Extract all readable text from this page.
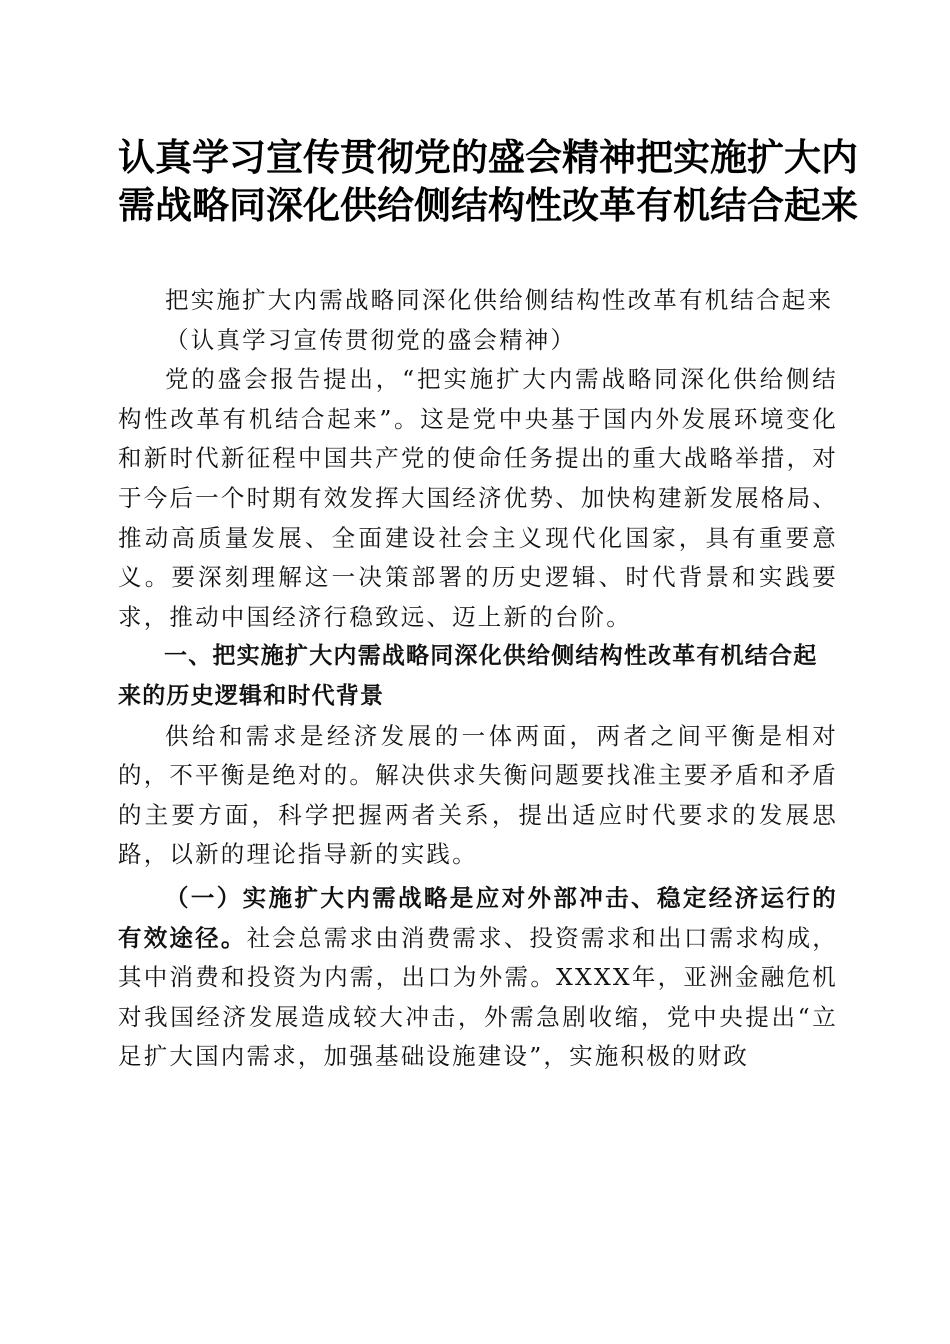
认真学习宣传贯彻党的盛会精神把实施扩大内
需战略同深化供给侧结构性改革有机结合起来

把实施扩大内需战略同深化供给侧结构性改革有机结合起来

（认真学习宣传贯彻党的盛会精神）

党的盛会报告提出，“把实施扩大内需战略同深化供给侧结构性改革有机结合起来”。这是党中央基于国内外发展环境变化和新时代新征程中国共产党的使命任务提出的重大战略举措，对于今后一个时期有效发挥大国经济优势、加快构建新发展格局、推动高质量发展、全面建设社会主义现代化国家，具有重要意义。要深刻理解这一决策部署的历史逻辑、时代背景和实践要求，推动中国经济行稳致远、迈上新的台阶。

一、把实施扩大内需战略同深化供给侧结构性改革有机结合起来的历史逻辑和时代背景

供给和需求是经济发展的一体两面，两者之间平衡是相对的，不平衡是绝对的。解决供求失衡问题要找准主要矛盾和矛盾的主要方面，科学把握两者关系，提出适应时代要求的发展思路，以新的理论指导新的实践。

（一）实施扩大内需战略是应对外部冲击、稳定经济运行的有效途径。社会总需求由消费需求、投资需求和出口需求构成，其中消费和投资为内需，出口为外需。XXXX年，亚洲金融危机对我国经济发展造成较大冲击，外需急剧收缩，党中央提出“立足扩大国内需求，加强基础设施建设”，实施积极的财政
